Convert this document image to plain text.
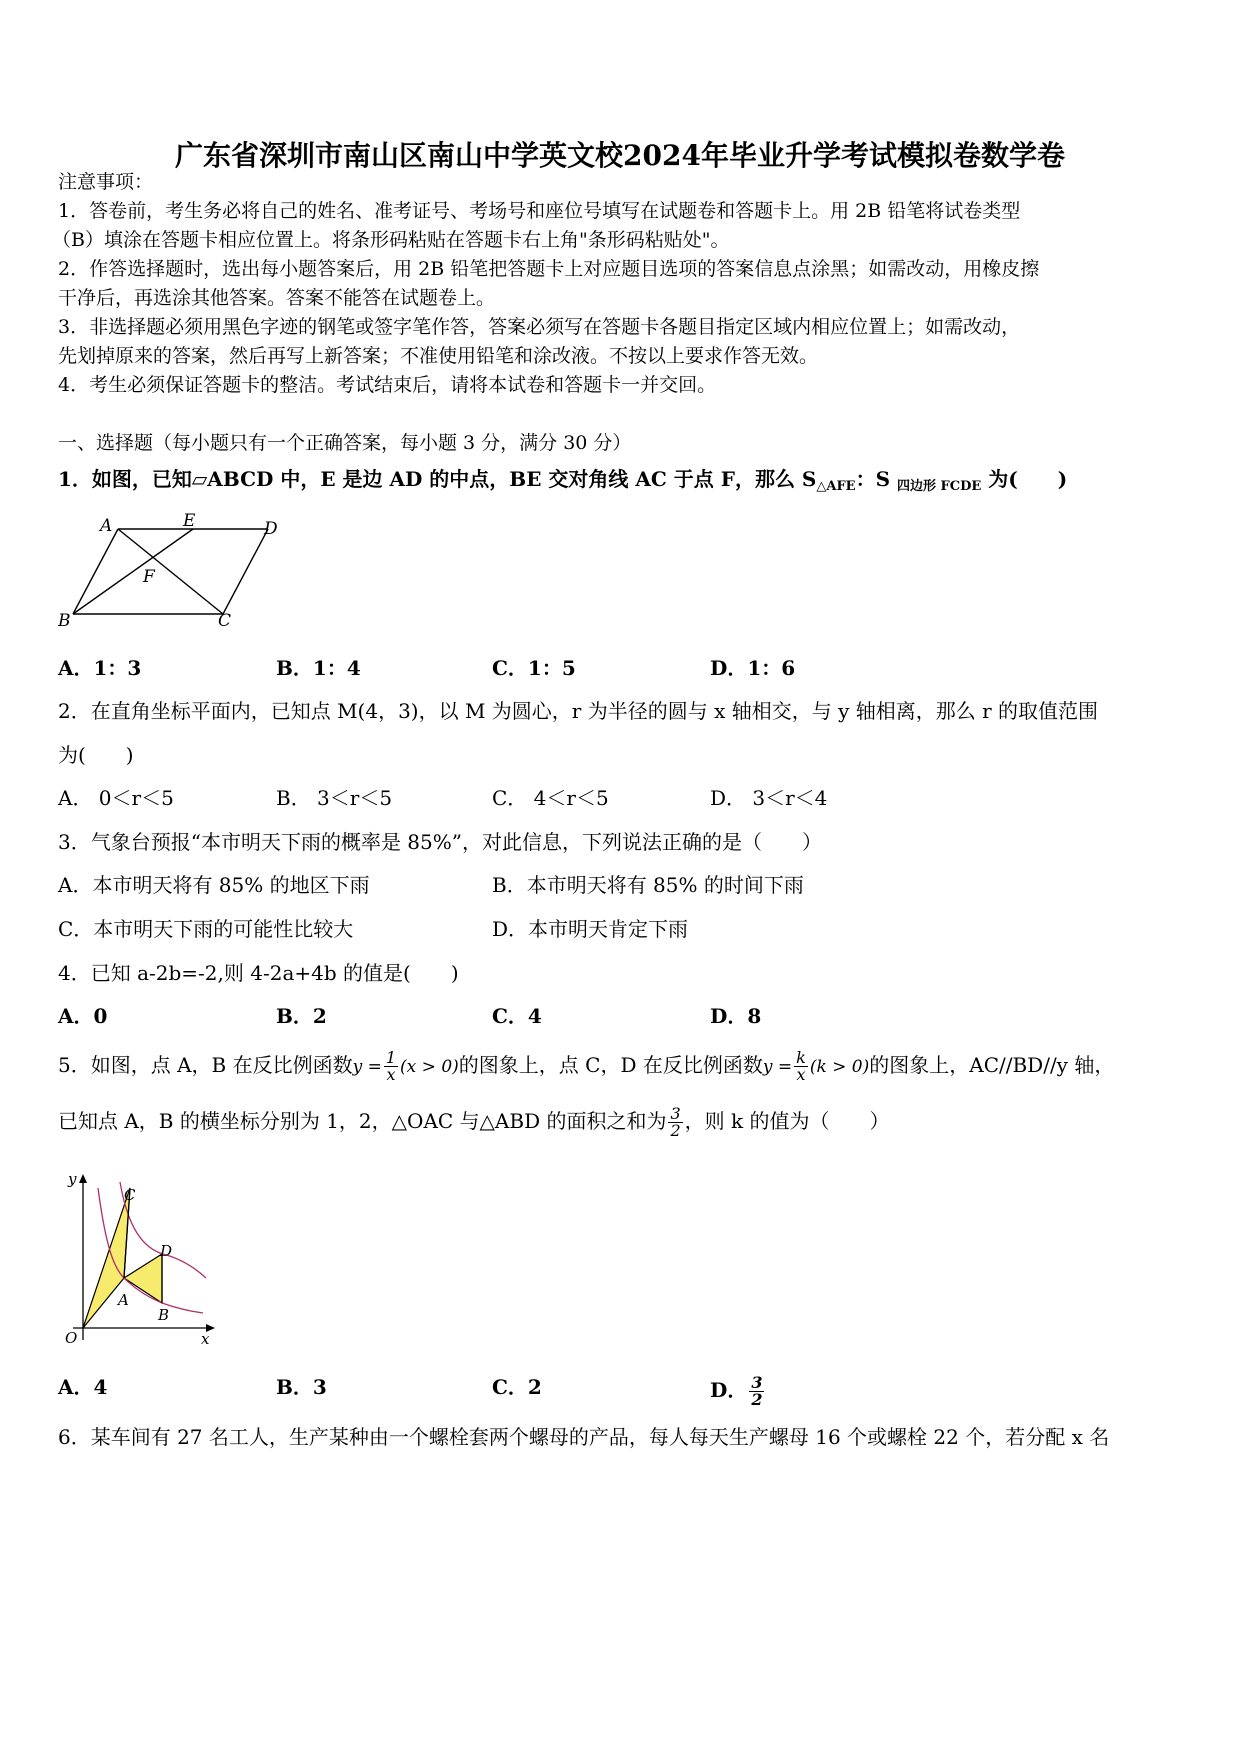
广东省深圳市南山区南山中学英文校2024年毕业升学考试模拟卷数学卷
注意事项：
1．答卷前，考生务必将自己的姓名、准考证号、考场号和座位号填写在试题卷和答题卡上。用 2B 铅笔将试卷类型
（B）填涂在答题卡相应位置上。将条形码粘贴在答题卡右上角"条形码粘贴处"。
2．作答选择题时，选出每小题答案后，用 2B 铅笔把答题卡上对应题目选项的答案信息点涂黑；如需改动，用橡皮擦
干净后，再选涂其他答案。答案不能答在试题卷上。
3．非选择题必须用黑色字迹的钢笔或签字笔作答，答案必须写在答题卡各题目指定区域内相应位置上；如需改动，
先划掉原来的答案，然后再写上新答案；不准使用铅笔和涂改液。不按以上要求作答无效。
4．考生必须保证答题卡的整洁。考试结束后，请将本试卷和答题卡一并交回。
一、选择题（每小题只有一个正确答案，每小题 3 分，满分 30 分）
1．如图，已知▱ABCD 中，E 是边 AD 的中点，BE 交对角线 AC 于点 F，那么 $S_{\triangle AFE}$：S $_{四边形 FCDE}$ 为(　　)
A	E	D
F
B	C
A．1：3	B．1：4	C．1：5	D．1：6
2．在直角坐标平面内，已知点 M(4，3)，以 M 为圆心，r 为半径的圆与 x 轴相交，与 y 轴相离，那么 r 的取值范围
为(　　)
A． 0＜r＜5	B． 3＜r＜5	C． 4＜r＜5	D． 3＜r＜4
3．气象台预报“本市明天下雨的概率是 85%”，对此信息，下列说法正确的是（　　）
A．本市明天将有 85% 的地区下雨	B．本市明天将有 85% 的时间下雨
C．本市明天下雨的可能性比较大	D．本市明天肯定下雨
4．已知 a-2b=-2,则 4-2a+4b 的值是(　　)
A．0	B．2	C．4	D．8
5．如图，点 A，B 在反比例函数$y = \frac{1}{x} (x > 0)$的图象上，点 C，D 在反比例函数$y = \frac{k}{x} (k > 0)$的图象上，AC//BD//y 轴，
已知点 A，B 的横坐标分别为 1，2，△OAC 与△ABD 的面积之和为 $\frac{3}{2}$ ，则 k 的值为（　　）
y
x
O
A
B
C
D
A．4	B．3	C．2	D． $\frac{3}{2}$
6．某车间有 27 名工人，生产某种由一个螺栓套两个螺母的产品，每人每天生产螺母 16 个或螺栓 22 个，若分配 x 名
